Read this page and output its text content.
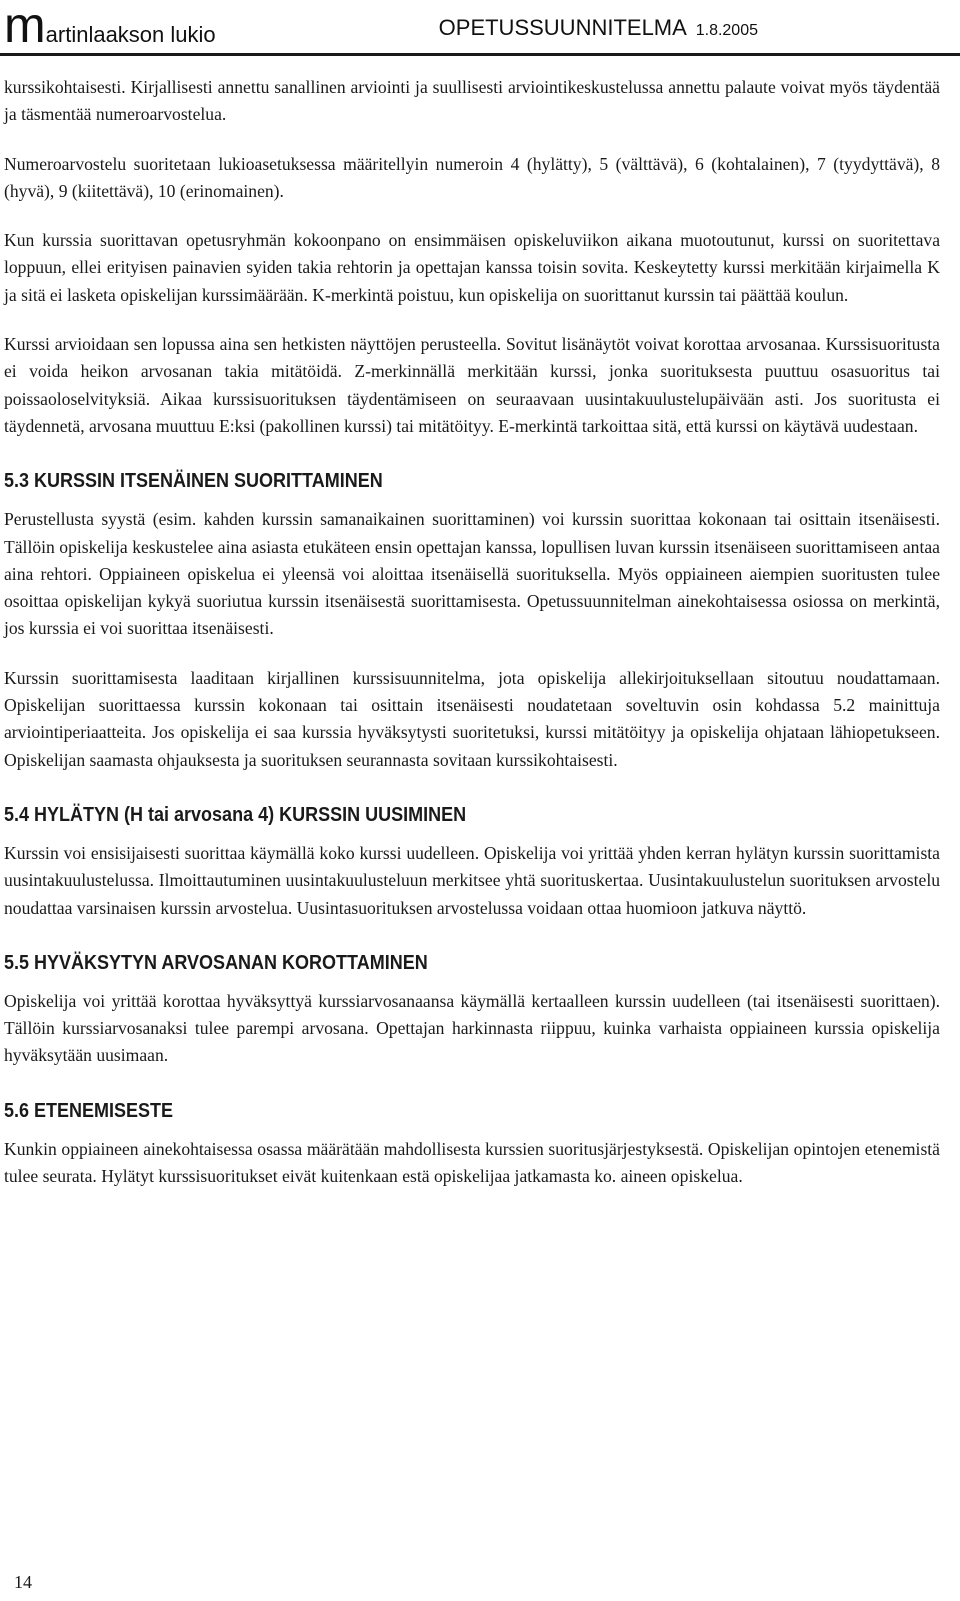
martinlaakson lukio	OPETUSSUUNNITELMA 1.8.2005

kurssikohtaisesti. Kirjallisesti annettu sanallinen arviointi ja suullisesti arviointikeskustelussa annettu palaute voivat myös täydentää ja täsmentää numeroarvostelua.

Numeroarvostelu suoritetaan lukioasetuksessa määritellyin numeroin 4 (hylätty), 5 (välttävä), 6 (kohtalainen), 7 (tyydyttävä), 8 (hyvä), 9 (kiitettävä), 10 (erinomainen).

Kun kurssia suorittavan opetusryhmän kokoonpano on ensimmäisen opiskeluviikon aikana muotoutunut, kurssi on suoritettava loppuun, ellei erityisen painavien syiden takia rehtorin ja opettajan kanssa toisin sovita. Keskeytetty kurssi merkitään kirjaimella K ja sitä ei lasketa opiskelijan kurssimäärään. K-merkintä poistuu, kun opiskelija on suorittanut kurssin tai päättää koulun.

Kurssi arvioidaan sen lopussa aina sen hetkisten näyttöjen perusteella. Sovitut lisänäytöt voivat korottaa arvosanaa. Kurssisuoritusta ei voida heikon arvosanan takia mitätöidä. Z-merkinnällä merkitään kurssi, jonka suorituksesta puuttuu osasuoritus tai poissaoloselvityksiä. Aikaa kurssisuorituksen täydentämiseen on seuraavaan uusintakuulustelupäivään asti. Jos suoritusta ei täydennetä, arvosana muuttuu E:ksi (pakollinen kurssi) tai mitätöityy. E-merkintä tarkoittaa sitä, että kurssi on käytävä uudestaan.

5.3 KURSSIN ITSENÄINEN SUORITTAMINEN

Perustellusta syystä (esim. kahden kurssin samanaikainen suorittaminen) voi kurssin suorittaa kokonaan tai osittain itsenäisesti. Tällöin opiskelija keskustelee aina asiasta etukäteen ensin opettajan kanssa, lopullisen luvan kurssin itsenäiseen suorittamiseen antaa aina rehtori. Oppiaineen opiskelua ei yleensä voi aloittaa itsenäisellä suorituksella. Myös oppiaineen aiempien suoritusten tulee osoittaa opiskelijan kykyä suoriutua kurssin itsenäisestä suorittamisesta. Opetussuunnitelman ainekohtaisessa osiossa on merkintä, jos kurssia ei voi suorittaa itsenäisesti.

Kurssin suorittamisesta laaditaan kirjallinen kurssisuunnitelma, jota opiskelija allekirjoituksellaan sitoutuu noudattamaan. Opiskelijan suorittaessa kurssin kokonaan tai osittain itsenäisesti noudatetaan soveltuvin osin kohdassa 5.2 mainittuja arviointiperiaatteita. Jos opiskelija ei saa kurssia hyväksytysti suoritetuksi, kurssi mitätöityy ja opiskelija ohjataan lähiopetukseen. Opiskelijan saamasta ohjauksesta ja suorituksen seurannasta sovitaan kurssikohtaisesti.

5.4 HYLÄTYN (H tai arvosana 4) KURSSIN UUSIMINEN

Kurssin voi ensisijaisesti suorittaa käymällä koko kurssi uudelleen. Opiskelija voi yrittää yhden kerran hylätyn kurssin suorittamista uusintakuulustelussa. Ilmoittautuminen uusintakuulusteluun merkitsee yhtä suorituskertaa. Uusintakuulustelun suorituksen arvostelu noudattaa varsinaisen kurssin arvostelua. Uusintasuorituksen arvostelussa voidaan ottaa huomioon jatkuva näyttö.

5.5 HYVÄKSYTYN ARVOSANAN KOROTTAMINEN

Opiskelija voi yrittää korottaa hyväksyttyä kurssiarvosanaansa käymällä kertaalleen kurssin uudelleen (tai itsenäisesti suorittaen). Tällöin kurssiarvosanaksi tulee parempi arvosana. Opettajan harkinnasta riippuu, kuinka varhaista oppiaineen kurssia opiskelija hyväksytään uusimaan.

5.6 ETENEMISESTE

Kunkin oppiaineen ainekohtaisessa osassa määrätään mahdollisesta kurssien suoritusjärjestyksestä. Opiskelijan opintojen etenemistä tulee seurata. Hylätyt kurssisuoritukset eivät kuitenkaan estä opiskelijaa jatkamasta ko. aineen opiskelua.

14
